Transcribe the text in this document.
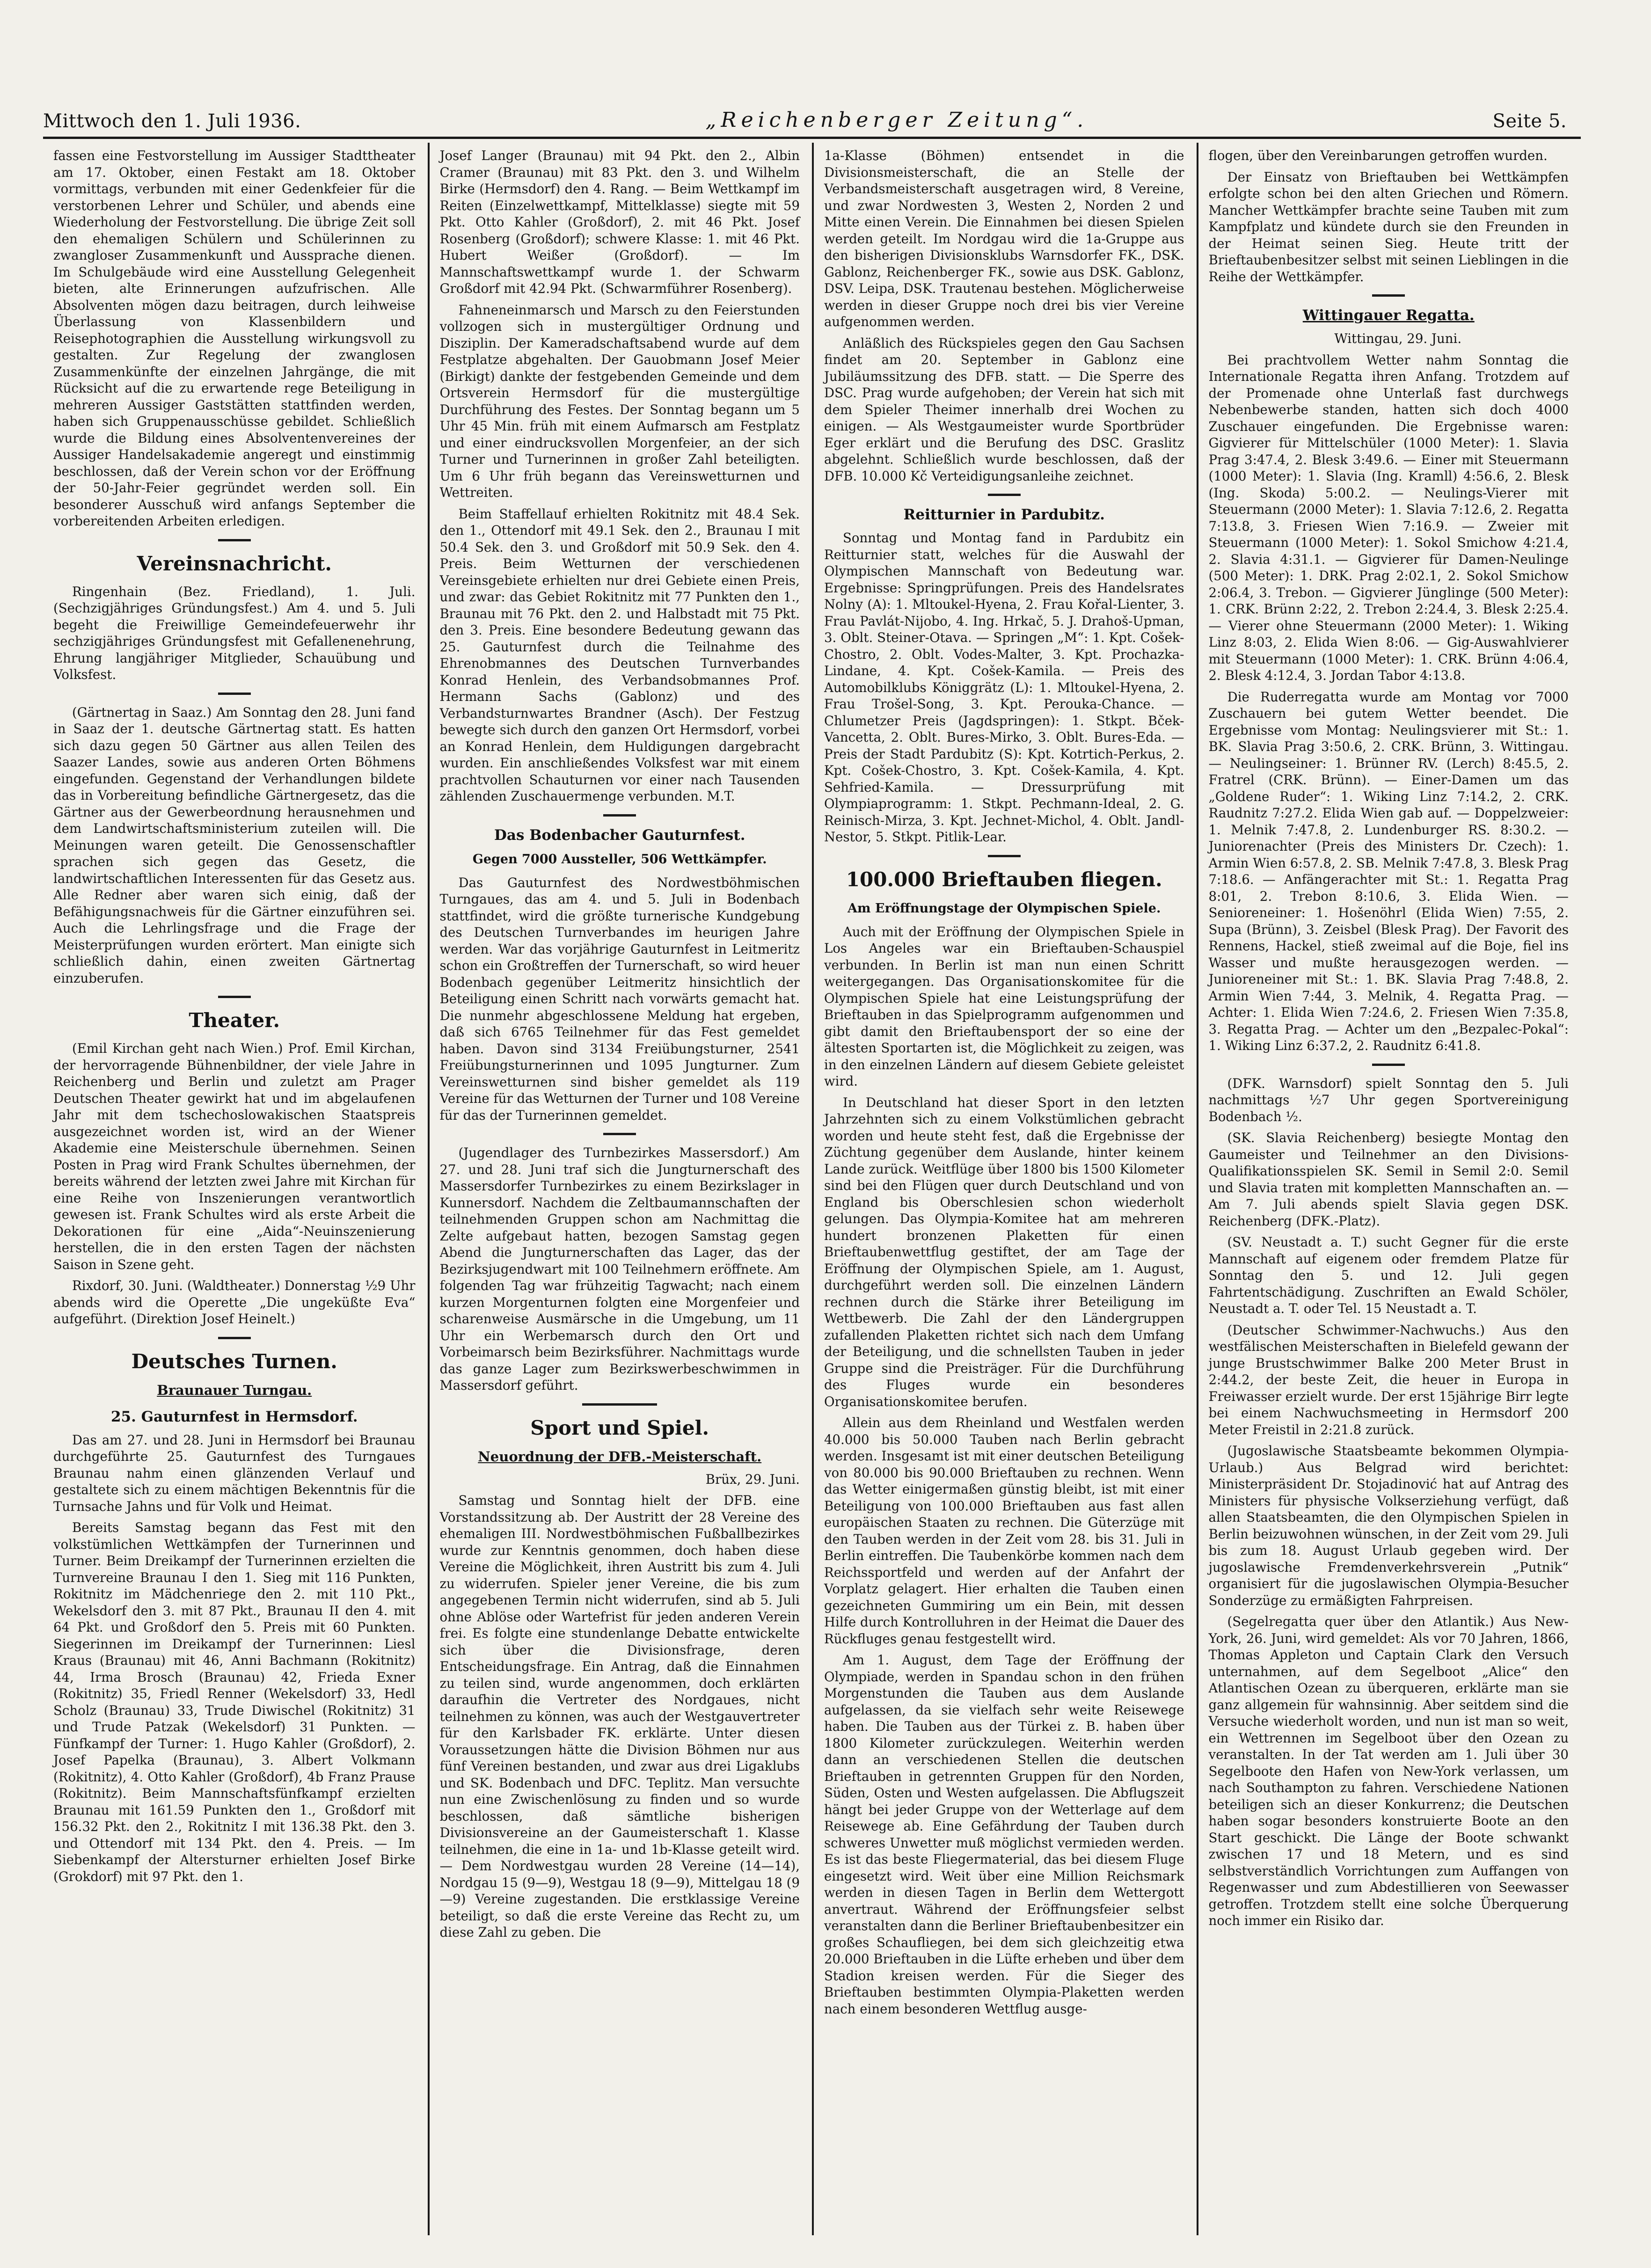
Mittwoch den 1. Juli 1936.	„Reichenberger Zeitung“.	Seite 5.

fassen eine Festvorstellung im Aussiger Stadttheater am 17. Oktober, einen Festakt am 18. Oktober vormittags, verbunden mit einer Gedenkfeier für die verstorbenen Lehrer und Schüler, und abends eine Wiederholung der Festvorstellung. Die übrige Zeit soll den ehemaligen Schülern und Schülerinnen zu zwangloser Zusammenkunft und Aussprache dienen. Im Schulgebäude wird eine Ausstellung Gelegenheit bieten, alte Erinnerungen aufzufrischen. Alle Absolventen mögen dazu beitragen, durch leihweise Überlassung von Klassenbildern und Reisephotographien die Ausstellung wirkungsvoll zu gestalten. Zur Regelung der zwanglosen Zusammenkünfte der einzelnen Jahrgänge, die mit Rücksicht auf die zu erwartende rege Beteiligung in mehreren Aussiger Gaststätten stattfinden werden, haben sich Gruppenausschüsse gebildet. Schließlich wurde die Bildung eines Absolventenvereines der Aussiger Handelsakademie angeregt und einstimmig beschlossen, daß der Verein schon vor der Eröffnung der 50-Jahr-Feier gegründet werden soll. Ein besonderer Ausschuß wird anfangs September die vorbereitenden Arbeiten erledigen.

Vereinsnachricht.

Ringenhain (Bez. Friedland), 1. Juli. (Sechzigjähriges Gründungsfest.) Am 4. und 5. Juli begeht die Freiwillige Gemeindefeuerwehr ihr sechzigjähriges Gründungsfest mit Gefallenenehrung, Ehrung langjähriger Mitglieder, Schauübung und Volksfest.

(Gärtnertag in Saaz.) Am Sonntag den 28. Juni fand in Saaz der 1. deutsche Gärtnertag statt. Es hatten sich dazu gegen 50 Gärtner aus allen Teilen des Saazer Landes, sowie aus anderen Orten Böhmens eingefunden. Gegenstand der Verhandlungen bildete das in Vorbereitung befindliche Gärtnergesetz, das die Gärtner aus der Gewerbeordnung herausnehmen und dem Landwirtschaftsministerium zuteilen will. Die Meinungen waren geteilt. Die Genossenschaftler sprachen sich gegen das Gesetz, die landwirtschaftlichen Interessenten für das Gesetz aus. Alle Redner aber waren sich einig, daß der Befähigungsnachweis für die Gärtner einzuführen sei. Auch die Lehrlingsfrage und die Frage der Meisterprüfungen wurden erörtert. Man einigte sich schließlich dahin, einen zweiten Gärtnertag einzuberufen.

Theater.

(Emil Kirchan geht nach Wien.) Prof. Emil Kirchan, der hervorragende Bühnenbildner, der viele Jahre in Reichenberg und Berlin und zuletzt am Prager Deutschen Theater gewirkt hat und im abgelaufenen Jahr mit dem tschechoslowakischen Staatspreis ausgezeichnet worden ist, wird an der Wiener Akademie eine Meisterschule übernehmen. Seinen Posten in Prag wird Frank Schultes übernehmen, der bereits während der letzten zwei Jahre mit Kirchan für eine Reihe von Inszenierungen verantwortlich gewesen ist. Frank Schultes wird als erste Arbeit die Dekorationen für eine „Aida“-Neuinszenierung herstellen, die in den ersten Tagen der nächsten Saison in Szene geht.

Rixdorf, 30. Juni. (Waldtheater.) Donnerstag ½9 Uhr abends wird die Operette „Die ungeküßte Eva“ aufgeführt. (Direktion Josef Heinelt.)

Deutsches Turnen.
Braunauer Turngau.
25. Gauturnfest in Hermsdorf.

Das am 27. und 28. Juni in Hermsdorf bei Braunau durchgeführte 25. Gauturnfest des Turngaues Braunau nahm einen glänzenden Verlauf und gestaltete sich zu einem mächtigen Bekenntnis für die Turnsache Jahns und für Volk und Heimat.

Bereits Samstag begann das Fest mit den volkstümlichen Wettkämpfen der Turnerinnen und Turner. Beim Dreikampf der Turnerinnen erzielten die Turnvereine Braunau I den 1. Sieg mit 116 Punkten, Rokitnitz im Mädchenriege den 2. mit 110 Pkt., Wekelsdorf den 3. mit 87 Pkt., Braunau II den 4. mit 64 Pkt. und Großdorf den 5. Preis mit 60 Punkten. Siegerinnen im Dreikampf der Turnerinnen: Liesl Kraus (Braunau) mit 46, Anni Bachmann (Rokitnitz) 44, Irma Brosch (Braunau) 42, Frieda Exner (Rokitnitz) 35, Friedl Renner (Wekelsdorf) 33, Hedl Scholz (Braunau) 33, Trude Diwischel (Rokitnitz) 31 und Trude Patzak (Wekelsdorf) 31 Punkten. — Fünfkampf der Turner: 1. Hugo Kahler (Großdorf), 2. Josef Papelka (Braunau), 3. Albert Volkmann (Rokitnitz), 4. Otto Kahler (Großdorf), 4b Franz Prause (Rokitnitz). Beim Mannschaftsfünfkampf erzielten Braunau mit 161.59 Punkten den 1., Großdorf mit 156.32 Pkt. den 2., Rokitnitz I mit 136.38 Pkt. den 3. und Ottendorf mit 134 Pkt. den 4. Preis. — Im Siebenkampf der Altersturner erhielten Josef Birke (Grokdorf) mit 97 Pkt. den 1.

Josef Langer (Braunau) mit 94 Pkt. den 2., Albin Cramer (Braunau) mit 83 Pkt. den 3. und Wilhelm Birke (Hermsdorf) den 4. Rang. — Beim Wettkampf im Reiten (Einzelwettkampf, Mittelklasse) siegte mit 59 Pkt. Otto Kahler (Großdorf), 2. mit 46 Pkt. Josef Rosenberg (Großdorf); schwere Klasse: 1. mit 46 Pkt. Hubert Weißer (Großdorf). — Im Mannschaftswettkampf wurde 1. der Schwarm Großdorf mit 42.94 Pkt. (Schwarmführer Rosenberg).

Fahneneinmarsch und Marsch zu den Feierstunden vollzogen sich in mustergültiger Ordnung und Disziplin. Der Kameradschaftsabend wurde auf dem Festplatze abgehalten. Der Gauobmann Josef Meier (Birkigt) dankte der festgebenden Gemeinde und dem Ortsverein Hermsdorf für die mustergültige Durchführung des Festes. Der Sonntag begann um 5 Uhr 45 Min. früh mit einem Aufmarsch am Festplatz und einer eindrucksvollen Morgenfeier, an der sich Turner und Turnerinnen in großer Zahl beteiligten. Um 6 Uhr früh begann das Vereinswetturnen und Wettreiten.

Beim Staffellauf erhielten Rokitnitz mit 48.4 Sek. den 1., Ottendorf mit 49.1 Sek. den 2., Braunau I mit 50.4 Sek. den 3. und Großdorf mit 50.9 Sek. den 4. Preis. Beim Wetturnen der verschiedenen Vereinsgebiete erhielten nur drei Gebiete einen Preis, und zwar: das Gebiet Rokitnitz mit 77 Punkten den 1., Braunau mit 76 Pkt. den 2. und Halbstadt mit 75 Pkt. den 3. Preis. Eine besondere Bedeutung gewann das 25. Gauturnfest durch die Teilnahme des Ehrenobmannes des Deutschen Turnverbandes Konrad Henlein, des Verbandsobmannes Prof. Hermann Sachs (Gablonz) und des Verbandsturnwartes Brandner (Asch). Der Festzug bewegte sich durch den ganzen Ort Hermsdorf, vorbei an Konrad Henlein, dem Huldigungen dargebracht wurden. Ein anschließendes Volksfest war mit einem prachtvollen Schauturnen vor einer nach Tausenden zählenden Zuschauermenge verbunden. M.T.

Das Bodenbacher Gauturnfest.
Gegen 7000 Aussteller, 506 Wettkämpfer.

Das Gauturnfest des Nordwestböhmischen Turngaues, das am 4. und 5. Juli in Bodenbach stattfindet, wird die größte turnerische Kundgebung des Deutschen Turnverbandes im heurigen Jahre werden. War das vorjährige Gauturnfest in Leitmeritz schon ein Großtreffen der Turnerschaft, so wird heuer Bodenbach gegenüber Leitmeritz hinsichtlich der Beteiligung einen Schritt nach vorwärts gemacht hat. Die nunmehr abgeschlossene Meldung hat ergeben, daß sich 6765 Teilnehmer für das Fest gemeldet haben. Davon sind 3134 Freiübungsturner, 2541 Freiübungsturnerinnen und 1095 Jungturner. Zum Vereinswetturnen sind bisher gemeldet als 119 Vereine für das Wetturnen der Turner und 108 Vereine für das der Turnerinnen gemeldet.

(Jugendlager des Turnbezirkes Massersdorf.) Am 27. und 28. Juni traf sich die Jungturnerschaft des Massersdorfer Turnbezirkes zu einem Bezirkslager in Kunnersdorf. Nachdem die Zeltbaumannschaften der teilnehmenden Gruppen schon am Nachmittag die Zelte aufgebaut hatten, bezogen Samstag gegen Abend die Jungturnerschaften das Lager, das der Bezirksjugendwart mit 100 Teilnehmern eröffnete. Am folgenden Tag war frühzeitig Tagwacht; nach einem kurzen Morgenturnen folgten eine Morgenfeier und scharenweise Ausmärsche in die Umgebung, um 11 Uhr ein Werbemarsch durch den Ort und Vorbeimarsch beim Bezirksführer. Nachmittags wurde das ganze Lager zum Bezirkswerbeschwimmen in Massersdorf geführt.

Sport und Spiel.
Neuordnung der DFB.-Meisterschaft.

Brüx, 29. Juni.

Samstag und Sonntag hielt der DFB. eine Vorstandssitzung ab. Der Austritt der 28 Vereine des ehemaligen III. Nordwestböhmischen Fußballbezirkes wurde zur Kenntnis genommen, doch haben diese Vereine die Möglichkeit, ihren Austritt bis zum 4. Juli zu widerrufen. Spieler jener Vereine, die bis zum angegebenen Termin nicht widerrufen, sind ab 5. Juli ohne Ablöse oder Wartefrist für jeden anderen Verein frei. Es folgte eine stundenlange Debatte entwickelte sich über die Divisionsfrage, deren Entscheidungsfrage. Ein Antrag, daß die Einnahmen zu teilen sind, wurde angenommen, doch erklärten daraufhin die Vertreter des Nordgaues, nicht teilnehmen zu können, was auch der Westgauvertreter für den Karlsbader FK. erklärte. Unter diesen Voraussetzungen hätte die Division Böhmen nur aus fünf Vereinen bestanden, und zwar aus drei Ligaklubs und SK. Bodenbach und DFC. Teplitz. Man versuchte nun eine Zwischenlösung zu finden und so wurde beschlossen, daß sämtliche bisherigen Divisionsvereine an der Gaumeisterschaft 1. Klasse teilnehmen, die eine in 1a- und 1b-Klasse geteilt wird. — Dem Nordwestgau wurden 28 Vereine (14—14), Nordgau 15 (9—9), Westgau 18 (9—9), Mittelgau 18 (9—9) Vereine zugestanden. Die erstklassige Vereine beteiligt, so daß die erste Vereine das Recht zu, um diese Zahl zu geben. Die

1a-Klasse (Böhmen) entsendet in die Divisionsmeisterschaft, die an Stelle der Verbandsmeisterschaft ausgetragen wird, 8 Vereine, und zwar Nordwesten 3, Westen 2, Norden 2 und Mitte einen Verein. Die Einnahmen bei diesen Spielen werden geteilt. Im Nordgau wird die 1a-Gruppe aus den bisherigen Divisionsklubs Warnsdorfer FK., DSK. Gablonz, Reichenberger FK., sowie aus DSK. Gablonz, DSV. Leipa, DSK. Trautenau bestehen. Möglicherweise werden in dieser Gruppe noch drei bis vier Vereine aufgenommen werden.

Anläßlich des Rückspieles gegen den Gau Sachsen findet am 20. September in Gablonz eine Jubiläumssitzung des DFB. statt. — Die Sperre des DSC. Prag wurde aufgehoben; der Verein hat sich mit dem Spieler Theimer innerhalb drei Wochen zu einigen. — Als Westgaumeister wurde Sportbrüder Eger erklärt und die Berufung des DSC. Graslitz abgelehnt. Schließlich wurde beschlossen, daß der DFB. 10.000 Kč Verteidigungsanleihe zeichnet.

Reitturnier in Pardubitz.

Sonntag und Montag fand in Pardubitz ein Reitturnier statt, welches für die Auswahl der Olympischen Mannschaft von Bedeutung war. Ergebnisse: Springprüfungen. Preis des Handelsrates Nolny (A): 1. Mltoukel-Hyena, 2. Frau Kořal-Lienter, 3. Frau Pavlát-Nijobo, 4. Ing. Hrkač, 5. J. Drahoš-Upman, 3. Oblt. Steiner-Otava. — Springen „M“: 1. Kpt. Cošek-Chostro, 2. Oblt. Vodes-Malter, 3. Kpt. Prochazka-Lindane, 4. Kpt. Cošek-Kamila. — Preis des Automobilklubs Königgrätz (L): 1. Mltoukel-Hyena, 2. Frau Trošel-Song, 3. Kpt. Perouka-Chance. — Chlumetzer Preis (Jagdspringen): 1. Stkpt. Bček-Vancetta, 2. Oblt. Bures-Mirko, 3. Oblt. Bures-Eda. — Preis der Stadt Pardubitz (S): Kpt. Kotrtich-Perkus, 2. Kpt. Cošek-Chostro, 3. Kpt. Cošek-Kamila, 4. Kpt. Sehfried-Kamila. — Dressurprüfung mit Olympiaprogramm: 1. Stkpt. Pechmann-Ideal, 2. G. Reinisch-Mirza, 3. Kpt. Jechnet-Michol, 4. Oblt. Jandl-Nestor, 5. Stkpt. Pitlik-Lear.

100.000 Brieftauben fliegen.
Am Eröffnungstage der Olympischen Spiele.

Auch mit der Eröffnung der Olympischen Spiele in Los Angeles war ein Brieftauben-Schauspiel verbunden. In Berlin ist man nun einen Schritt weitergegangen. Das Organisationskomitee für die Olympischen Spiele hat eine Leistungsprüfung der Brieftauben in das Spielprogramm aufgenommen und gibt damit den Brieftaubensport der so eine der ältesten Sportarten ist, die Möglichkeit zu zeigen, was in den einzelnen Ländern auf diesem Gebiete geleistet wird.

In Deutschland hat dieser Sport in den letzten Jahrzehnten sich zu einem Volkstümlichen gebracht worden und heute steht fest, daß die Ergebnisse der Züchtung gegenüber dem Auslande, hinter keinem Lande zurück. Weitflüge über 1800 bis 1500 Kilometer sind bei den Flügen quer durch Deutschland und von England bis Oberschlesien schon wiederholt gelungen. Das Olympia-Komitee hat am mehreren hundert bronzenen Plaketten für einen Brieftaubenwettflug gestiftet, der am Tage der Eröffnung der Olympischen Spiele, am 1. August, durchgeführt werden soll. Die einzelnen Ländern rechnen durch die Stärke ihrer Beteiligung im Wettbewerb. Die Zahl der den Ländergruppen zufallenden Plaketten richtet sich nach dem Umfang der Beteiligung, und die schnellsten Tauben in jeder Gruppe sind die Preisträger. Für die Durchführung des Fluges wurde ein besonderes Organisationskomitee berufen.

Allein aus dem Rheinland und Westfalen werden 40.000 bis 50.000 Tauben nach Berlin gebracht werden. Insgesamt ist mit einer deutschen Beteiligung von 80.000 bis 90.000 Brieftauben zu rechnen. Wenn das Wetter einigermaßen günstig bleibt, ist mit einer Beteiligung von 100.000 Brieftauben aus fast allen europäischen Staaten zu rechnen. Die Güterzüge mit den Tauben werden in der Zeit vom 28. bis 31. Juli in Berlin eintreffen. Die Taubenkörbe kommen nach dem Reichssportfeld und werden auf der Anfahrt der Vorplatz gelagert. Hier erhalten die Tauben einen gezeichneten Gummiring um ein Bein, mit dessen Hilfe durch Kontrolluhren in der Heimat die Dauer des Rückfluges genau festgestellt wird.

Am 1. August, dem Tage der Eröffnung der Olympiade, werden in Spandau schon in den frühen Morgenstunden die Tauben aus dem Auslande aufgelassen, da sie vielfach sehr weite Reisewege haben. Die Tauben aus der Türkei z. B. haben über 1800 Kilometer zurückzulegen. Weiterhin werden dann an verschiedenen Stellen die deutschen Brieftauben in getrennten Gruppen für den Norden, Süden, Osten und Westen aufgelassen. Die Abflugszeit hängt bei jeder Gruppe von der Wetterlage auf dem Reisewege ab. Eine Gefährdung der Tauben durch schweres Unwetter muß möglichst vermieden werden. Es ist das beste Fliegermaterial, das bei diesem Fluge eingesetzt wird. Weit über eine Million Reichsmark werden in diesen Tagen in Berlin dem Wettergott anvertraut. Während der Eröffnungsfeier selbst veranstalten dann die Berliner Brieftaubenbesitzer ein großes Schaufliegen, bei dem sich gleichzeitig etwa 20.000 Brieftauben in die Lüfte erheben und über dem Stadion kreisen werden. Für die Sieger des Brieftauben bestimmten Olympia-Plaketten werden nach einem besonderen Wettflug ausge-

flogen, über den Vereinbarungen getroffen wurden.

Der Einsatz von Brieftauben bei Wettkämpfen erfolgte schon bei den alten Griechen und Römern. Mancher Wettkämpfer brachte seine Tauben mit zum Kampfplatz und kündete durch sie den Freunden in der Heimat seinen Sieg. Heute tritt der Brieftaubenbesitzer selbst mit seinen Lieblingen in die Reihe der Wettkämpfer.

Wittingauer Regatta.

Wittingau, 29. Juni.

Bei prachtvollem Wetter nahm Sonntag die Internationale Regatta ihren Anfang. Trotzdem auf der Promenade ohne Unterlaß fast durchwegs Nebenbewerbe standen, hatten sich doch 4000 Zuschauer eingefunden. Die Ergebnisse waren: Gigvierer für Mittelschüler (1000 Meter): 1. Slavia Prag 3:47.4, 2. Blesk 3:49.6. — Einer mit Steuermann (1000 Meter): 1. Slavia (Ing. Kramll) 4:56.6, 2. Blesk (Ing. Skoda) 5:00.2. — Neulings-Vierer mit Steuermann (2000 Meter): 1. Slavia 7:12.6, 2. Regatta 7:13.8, 3. Friesen Wien 7:16.9. — Zweier mit Steuermann (1000 Meter): 1. Sokol Smichow 4:21.4, 2. Slavia 4:31.1. — Gigvierer für Damen-Neulinge (500 Meter): 1. DRK. Prag 2:02.1, 2. Sokol Smichow 2:06.4, 3. Trebon. — Gigvierer Jünglinge (500 Meter): 1. CRK. Brünn 2:22, 2. Trebon 2:24.4, 3. Blesk 2:25.4. — Vierer ohne Steuermann (2000 Meter): 1. Wiking Linz 8:03, 2. Elida Wien 8:06. — Gig-Auswahlvierer mit Steuermann (1000 Meter): 1. CRK. Brünn 4:06.4, 2. Blesk 4:12.4, 3. Jordan Tabor 4:13.8.

Die Ruderregatta wurde am Montag vor 7000 Zuschauern bei gutem Wetter beendet. Die Ergebnisse vom Montag: Neulingsvierer mit St.: 1. BK. Slavia Prag 3:50.6, 2. CRK. Brünn, 3. Wittingau. — Neulingseiner: 1. Brünner RV. (Lerch) 8:45.5, 2. Fratrel (CRK. Brünn). — Einer-Damen um das „Goldene Ruder“: 1. Wiking Linz 7:14.2, 2. CRK. Raudnitz 7:27.2. Elida Wien gab auf. — Doppelzweier: 1. Melnik 7:47.8, 2. Lundenburger RS. 8:30.2. — Juniorenachter (Preis des Ministers Dr. Czech): 1. Armin Wien 6:57.8, 2. SB. Melnik 7:47.8, 3. Blesk Prag 7:18.6. — Anfängerachter mit St.: 1. Regatta Prag 8:01, 2. Trebon 8:10.6, 3. Elida Wien. — Senioreneiner: 1. Hošenöhrl (Elida Wien) 7:55, 2. Supa (Brünn), 3. Zeisbel (Blesk Prag). Der Favorit des Rennens, Hackel, stieß zweimal auf die Boje, fiel ins Wasser und mußte herausgezogen werden. — Junioreneiner mit St.: 1. BK. Slavia Prag 7:48.8, 2. Armin Wien 7:44, 3. Melnik, 4. Regatta Prag. — Achter: 1. Elida Wien 7:24.6, 2. Friesen Wien 7:35.8, 3. Regatta Prag. — Achter um den „Bezpalec-Pokal“: 1. Wiking Linz 6:37.2, 2. Raudnitz 6:41.8.

(DFK. Warnsdorf) spielt Sonntag den 5. Juli nachmittags ½7 Uhr gegen Sportvereinigung Bodenbach ½.

(SK. Slavia Reichenberg) besiegte Montag den Gaumeister und Teilnehmer an den Divisions-Qualifikationsspielen SK. Semil in Semil 2:0. Semil und Slavia traten mit kompletten Mannschaften an. — Am 7. Juli abends spielt Slavia gegen DSK. Reichenberg (DFK.-Platz).

(SV. Neustadt a. T.) sucht Gegner für die erste Mannschaft auf eigenem oder fremdem Platze für Sonntag den 5. und 12. Juli gegen Fahrtentschädigung. Zuschriften an Ewald Schöler, Neustadt a. T. oder Tel. 15 Neustadt a. T.

(Deutscher Schwimmer-Nachwuchs.) Aus den westfälischen Meisterschaften in Bielefeld gewann der junge Brustschwimmer Balke 200 Meter Brust in 2:44.2, der beste Zeit, die heuer in Europa in Freiwasser erzielt wurde. Der erst 15jährige Birr legte bei einem Nachwuchsmeeting in Hermsdorf 200 Meter Freistil in 2:21.8 zurück.

(Jugoslawische Staatsbeamte bekommen Olympia-Urlaub.) Aus Belgrad wird berichtet: Ministerpräsident Dr. Stojadinović hat auf Antrag des Ministers für physische Volkserziehung verfügt, daß allen Staatsbeamten, die den Olympischen Spielen in Berlin beizuwohnen wünschen, in der Zeit vom 29. Juli bis zum 18. August Urlaub gegeben wird. Der jugoslawische Fremdenverkehrsverein „Putnik“ organisiert für die jugoslawischen Olympia-Besucher Sonderzüge zu ermäßigten Fahrpreisen.

(Segelregatta quer über den Atlantik.) Aus New-York, 26. Juni, wird gemeldet: Als vor 70 Jahren, 1866, Thomas Appleton und Captain Clark den Versuch unternahmen, auf dem Segelboot „Alice“ den Atlantischen Ozean zu überqueren, erklärte man sie ganz allgemein für wahnsinnig. Aber seitdem sind die Versuche wiederholt worden, und nun ist man so weit, ein Wettrennen im Segelboot über den Ozean zu veranstalten. In der Tat werden am 1. Juli über 30 Segelboote den Hafen von New-York verlassen, um nach Southampton zu fahren. Verschiedene Nationen beteiligen sich an dieser Konkurrenz; die Deutschen haben sogar besonders konstruierte Boote an den Start geschickt. Die Länge der Boote schwankt zwischen 17 und 18 Metern, und es sind selbstverständlich Vorrichtungen zum Auffangen von Regenwasser und zum Abdestillieren von Seewasser getroffen. Trotzdem stellt eine solche Überquerung noch immer ein Risiko dar.
